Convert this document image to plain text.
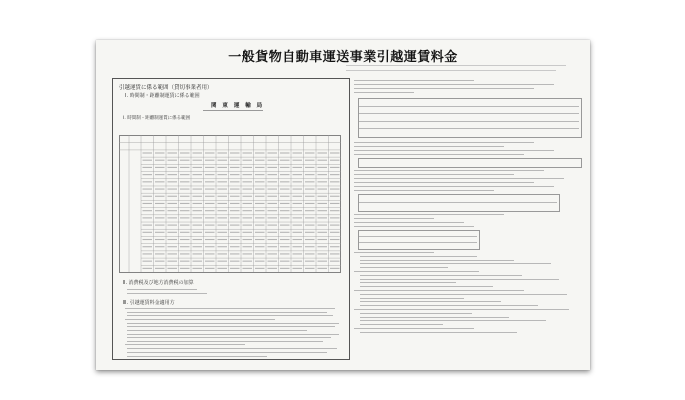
一般貨物自動車運送事業引越運賃料金
引越運賃に係る範囲（貸切事業者用）
Ⅰ. 時間制・距離制運賃に係る範囲
Ⅰ. 時間制・距離制運賃に係る範囲
関 東 運 輸 局
Ⅱ. 消費税及び地方消費税の加算
Ⅲ. 引越運賃料金適用方
